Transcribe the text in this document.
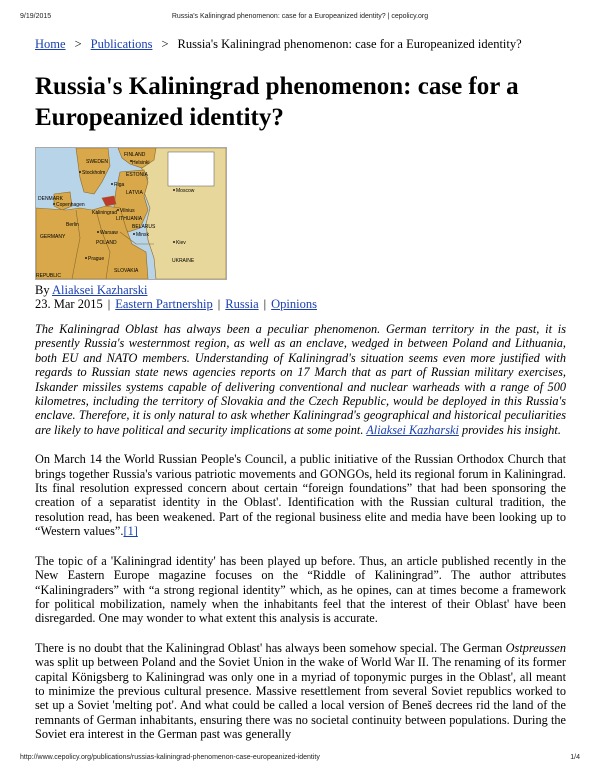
9/19/2015	Russia's Kaliningrad phenomenon: case for a Europeanized identity? | cepolicy.org
Home > Publications > Russia's Kaliningrad phenomenon: case for a Europeanized identity?
Russia's Kaliningrad phenomenon: case for a Europeanized identity?
FINLAND
SWEDEN	Helsinki
Stockholm	ESTONIA
Riga
LATVIA	Moscow
DENMARK
Copenhagen
Kaliningrad Vilnius
LITHUANIA
BELARUS
GERMANY
Warsaw	Minsk
Berlin
POLAND	Kiev
UKRAINE
Prague
REPUBLIC
SLOVAKIA
By Aliaksei Kazharski
23. Mar 2015 | Eastern Partnership | Russia | Opinions

The Kaliningrad Oblast has always been a peculiar phenomenon. German territory in the past, it is presently Russia's westernmost region, as well as an enclave, wedged in between Poland and Lithuania, both EU and NATO members. Understanding of Kaliningrad's situation seems even more justified with regards to Russian state news agencies reports on 17 March that as part of Russian military exercises, Iskander missiles systems capable of delivering conventional and nuclear warheads with a range of 500 kilometres, including the territory of Slovakia and the Czech Republic, would be deployed in this Russia's enclave. Therefore, it is only natural to ask whether Kaliningrad's geographical and historical peculiarities are likely to have political and security implications at some point. Aliaksei Kazharski provides his insight.

On March 14 the World Russian People's Council, a public initiative of the Russian Orthodox Church that brings together Russia's various patriotic movements and GONGOs, held its regional forum in Kaliningrad. Its final resolution expressed concern about certain “foreign foundations” that had been sponsoring the creation of a separatist identity in the Oblast'. Identification with the Russian cultural tradition, the resolution read, has been weakened. Part of the regional business elite and media have been looking up to “Western values”.[1]

The topic of a 'Kaliningrad identity' has been played up before. Thus, an article published recently in the New Eastern Europe magazine focuses on the “Riddle of Kaliningrad”. The author attributes “Kaliningraders” with “a strong regional identity” which, as he opines, can at times become a framework for political mobilization, namely when the inhabitants feel that the interest of their Oblast' have been disregarded. One may wonder to what extent this analysis is accurate.

There is no doubt that the Kaliningrad Oblast' has always been somehow special. The German Ostpreussen was split up between Poland and the Soviet Union in the wake of World War II. The renaming of its former capital Königsberg to Kaliningrad was only one in a myriad of toponymic purges in the Oblast', all meant to minimize the previous cultural presence. Massive resettlement from several Soviet republics worked to set up a Soviet 'melting pot'. And what could be called a local version of Beneš decrees rid the land of the remnants of German inhabitants, ensuring there was no societal continuity between populations. During the Soviet era interest in the German past was generally

http://www.cepolicy.org/publications/russias-kaliningrad-phenomenon-case-europeanized-identity	1/4
